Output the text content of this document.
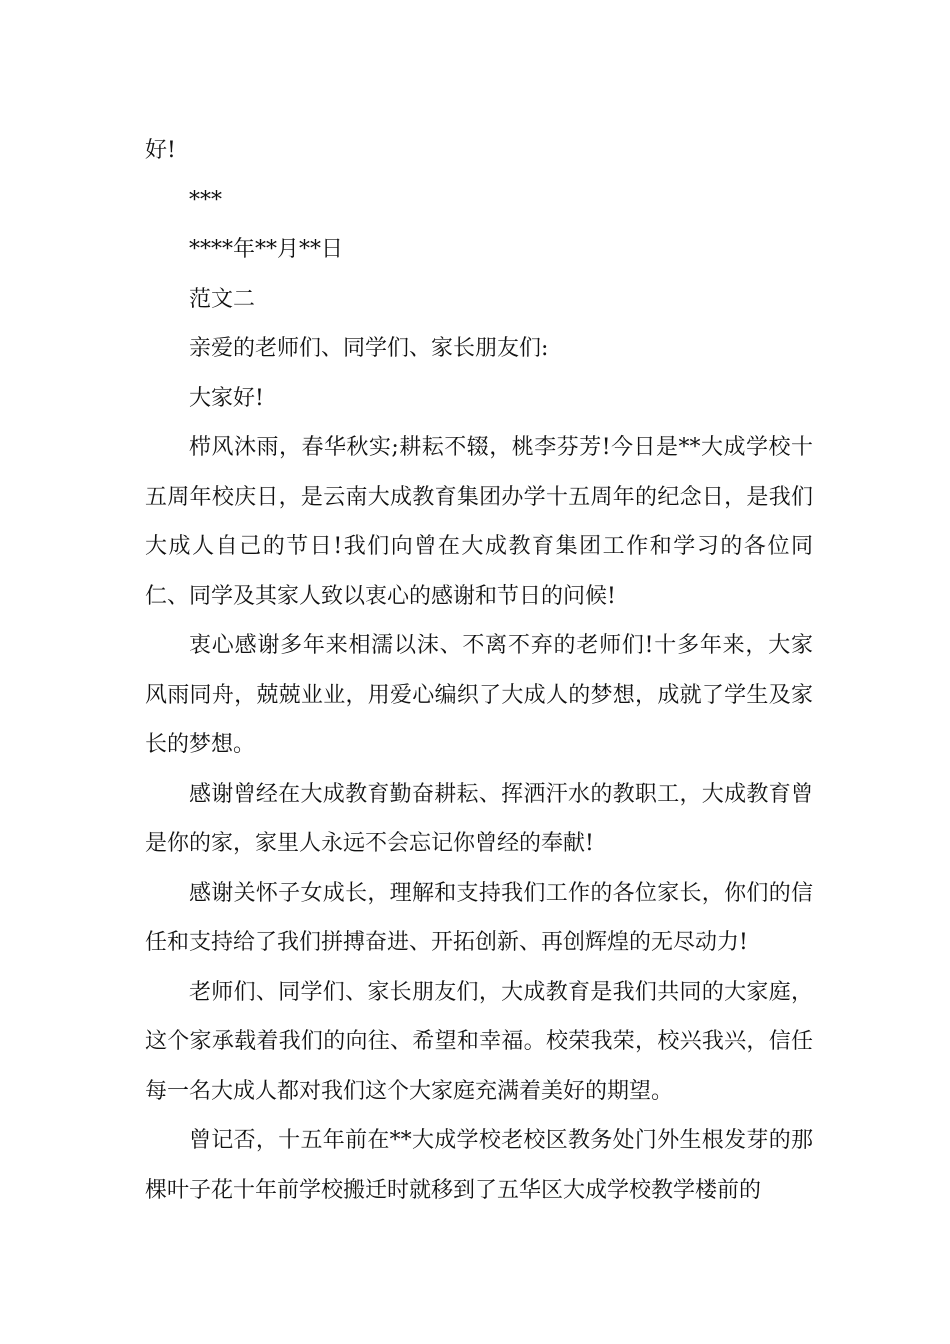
好!

***

****年**月**日

范文二

亲爱的老师们、同学们、家长朋友们:

大家好!

栉风沐雨，春华秋实;耕耘不辍，桃李芬芳!今日是**大成学校十五周年校庆日，是云南大成教育集团办学十五周年的纪念日，是我们大成人自己的节日!我们向曾在大成教育集团工作和学习的各位同仁、同学及其家人致以衷心的感谢和节日的问候!

衷心感谢多年来相濡以沫、不离不弃的老师们!十多年来，大家风雨同舟，兢兢业业，用爱心编织了大成人的梦想，成就了学生及家长的梦想。

感谢曾经在大成教育勤奋耕耘、挥洒汗水的教职工，大成教育曾是你的家，家里人永远不会忘记你曾经的奉献!

感谢关怀子女成长，理解和支持我们工作的各位家长，你们的信任和支持给了我们拼搏奋进、开拓创新、再创辉煌的无尽动力!

老师们、同学们、家长朋友们，大成教育是我们共同的大家庭，这个家承载着我们的向往、希望和幸福。校荣我荣，校兴我兴，信任每一名大成人都对我们这个大家庭充满着美好的期望。

曾记否，十五年前在**大成学校老校区教务处门外生根发芽的那棵叶子花十年前学校搬迁时就移到了五华区大成学校教学楼前的
